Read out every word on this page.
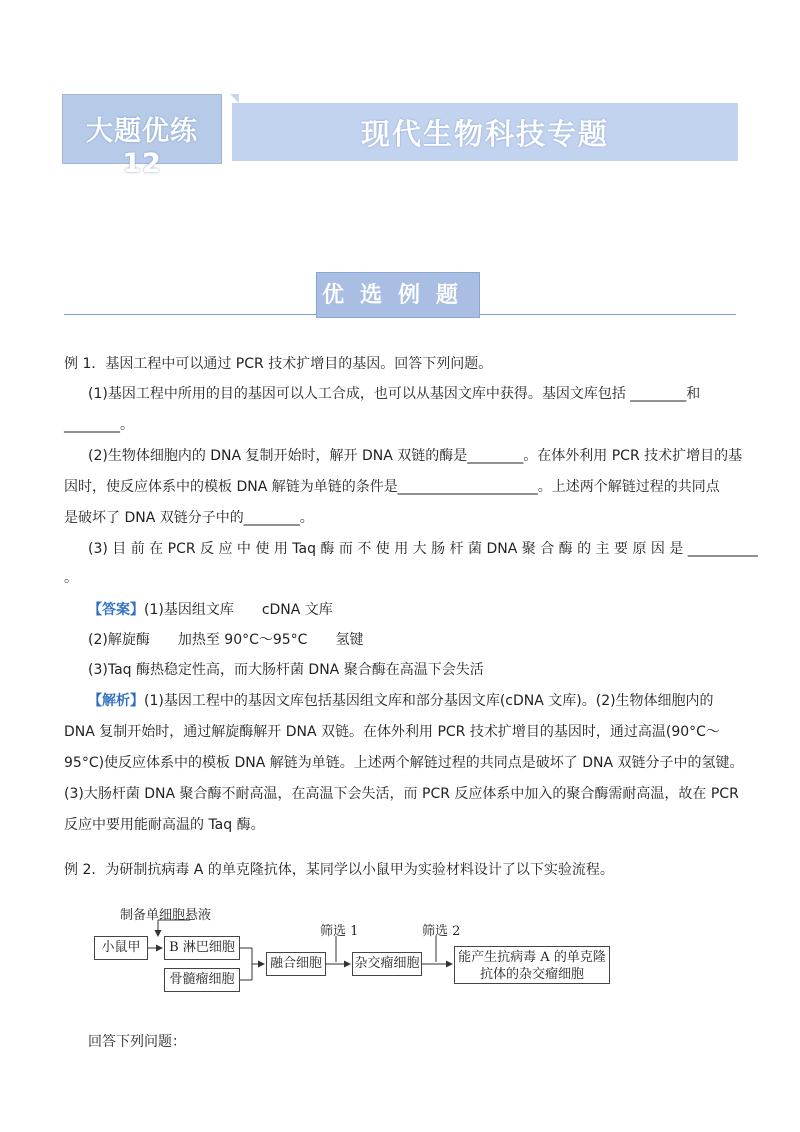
大题优练 12
现代生物科技专题
优选例题
例 1．基因工程中可以通过 PCR 技术扩增目的基因。回答下列问题。
(1)基因工程中所用的目的基因可以人工合成，也可以从基因文库中获得。基因文库包括 ________和
________。
(2)生物体细胞内的 DNA 复制开始时，解开 DNA 双链的酶是________。在体外利用 PCR 技术扩增目的基
因时，使反应体系中的模板 DNA 解链为单链的条件是____________________。上述两个解链过程的共同点
是破坏了 DNA 双链分子中的________。
(3) 目 前 在 PCR 反 应 中 使 用 Taq 酶 而 不 使 用 大 肠 杆 菌 DNA 聚 合 酶 的 主 要 原 因 是 __________
。
【答案】(1)基因组文库　　cDNA 文库
(2)解旋酶　　加热至 90°C～95°C　　氢键
(3)Taq 酶热稳定性高，而大肠杆菌 DNA 聚合酶在高温下会失活
【解析】(1)基因工程中的基因文库包括基因组文库和部分基因文库(cDNA 文库)。(2)生物体细胞内的
DNA 复制开始时，通过解旋酶解开 DNA 双链。在体外利用 PCR 技术扩增目的基因时，通过高温(90°C～
95°C)使反应体系中的模板 DNA 解链为单链。上述两个解链过程的共同点是破坏了 DNA 双链分子中的氢键。
(3)大肠杆菌 DNA 聚合酶不耐高温，在高温下会失活，而 PCR 反应体系中加入的聚合酶需耐高温，故在 PCR
反应中要用能耐高温的 Taq 酶。
例 2．为研制抗病毒 A 的单克隆抗体，某同学以小鼠甲为实验材料设计了以下实验流程。
制备单细胞悬液
筛选 1	筛选 2
小鼠甲	B 淋巴细胞
骨髓瘤细胞
融合细胞	杂交瘤细胞	能产生抗病毒 A 的单克隆
抗体的杂交瘤细胞
回答下列问题：
